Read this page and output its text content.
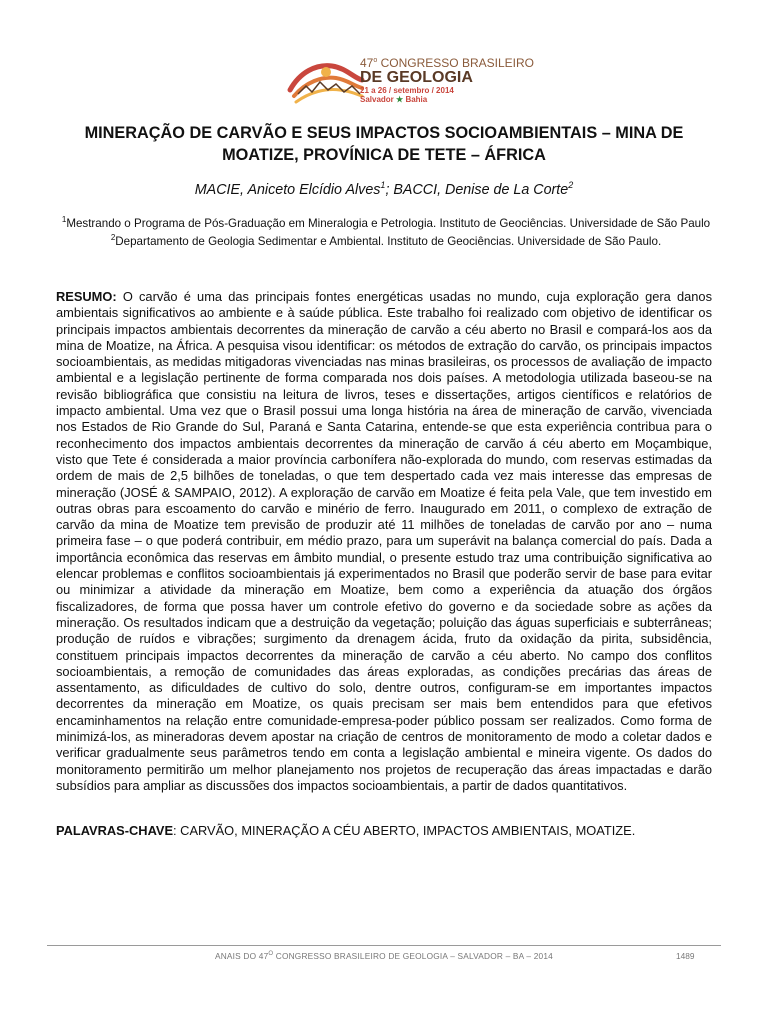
47$^o$ CONGRESSO BRASILEIRO
DE GEOLOGIA
21 a 26 / setembro / 2014
Salvador ★ Bahia
MINERAÇÃO DE CARVÃO E SEUS IMPACTOS SOCIOAMBIENTAIS – MINA DE MOATIZE, PROVÍNICA DE TETE – ÁFRICA
MACIE, Aniceto Elcídio Alves$^1$; BACCI, Denise de La Corte$^2$
$^1$Mestrando o Programa de Pós-Graduação em Mineralogia e Petrologia. Instituto de Geociências. Universidade de São Paulo
$^2$Departamento de Geologia Sedimentar e Ambiental. Instituto de Geociências. Universidade de São Paulo.
RESUMO: O carvão é uma das principais fontes energéticas usadas no mundo, cuja exploração gera danos ambientais significativos ao ambiente e à saúde pública. Este trabalho foi realizado com objetivo de identificar os principais impactos ambientais decorrentes da mineração de carvão a céu aberto no Brasil e compará-los aos da mina de Moatize, na África. A pesquisa visou identificar: os métodos de extração do carvão, os principais impactos socioambientais, as medidas mitigadoras vivenciadas nas minas brasileiras, os processos de avaliação de impacto ambiental e a legislação pertinente de forma comparada nos dois países. A metodologia utilizada baseou-se na revisão bibliográfica que consistiu na leitura de livros, teses e dissertações, artigos científicos e relatórios de impacto ambiental. Uma vez que o Brasil possui uma longa história na área de mineração de carvão, vivenciada nos Estados de Rio Grande do Sul, Paraná e Santa Catarina, entende-se que esta experiência contribua para o reconhecimento dos impactos ambientais decorrentes da mineração de carvão á céu aberto em Moçambique, visto que Tete é considerada a maior província carbonífera não-explorada do mundo, com reservas estimadas da ordem de mais de 2,5 bilhões de toneladas, o que tem despertado cada vez mais interesse das empresas de mineração (JOSÉ & SAMPAIO, 2012). A exploração de carvão em Moatize é feita pela Vale, que tem investido em outras obras para escoamento do carvão e minério de ferro. Inaugurado em 2011, o complexo de extração de carvão da mina de Moatize tem previsão de produzir até 11 milhões de toneladas de carvão por ano – numa primeira fase – o que poderá contribuir, em médio prazo, para um superávit na balança comercial do país. Dada a importância econômica das reservas em âmbito mundial, o presente estudo traz uma contribuição significativa ao elencar problemas e conflitos socioambientais já experimentados no Brasil que poderão servir de base para evitar ou minimizar a atividade da mineração em Moatize, bem como a experiência da atuação dos órgãos fiscalizadores, de forma que possa haver um controle efetivo do governo e da sociedade sobre as ações da mineração. Os resultados indicam que a destruição da vegetação; poluição das águas superficiais e subterrâneas; produção de ruídos e vibrações; surgimento da drenagem ácida, fruto da oxidação da pirita, subsidência, constituem principais impactos decorrentes da mineração de carvão a céu aberto. No campo dos conflitos socioambientais, a remoção de comunidades das áreas exploradas, as condições precárias das áreas de assentamento, as dificuldades de cultivo do solo, dentre outros, configuram-se em importantes impactos decorrentes da mineração em Moatize, os quais precisam ser mais bem entendidos para que efetivos encaminhamentos na relação entre comunidade-empresa-poder público possam ser realizados. Como forma de minimizá-los, as mineradoras devem apostar na criação de centros de monitoramento de modo a coletar dados e verificar gradualmente seus parâmetros tendo em conta a legislação ambiental e mineira vigente. Os dados do monitoramento permitirão um melhor planejamento nos projetos de recuperação das áreas impactadas e darão subsídios para ampliar as discussões dos impactos socioambientais, a partir de dados quantitativos.
PALAVRAS-CHAVE: CARVÃO, MINERAÇÃO A CÉU ABERTO, IMPACTOS AMBIENTAIS, MOATIZE.
ANAIS DO $47^O$ CONGRESSO BRASILEIRO DE GEOLOGIA – SALVADOR – BA – 2014	1489
